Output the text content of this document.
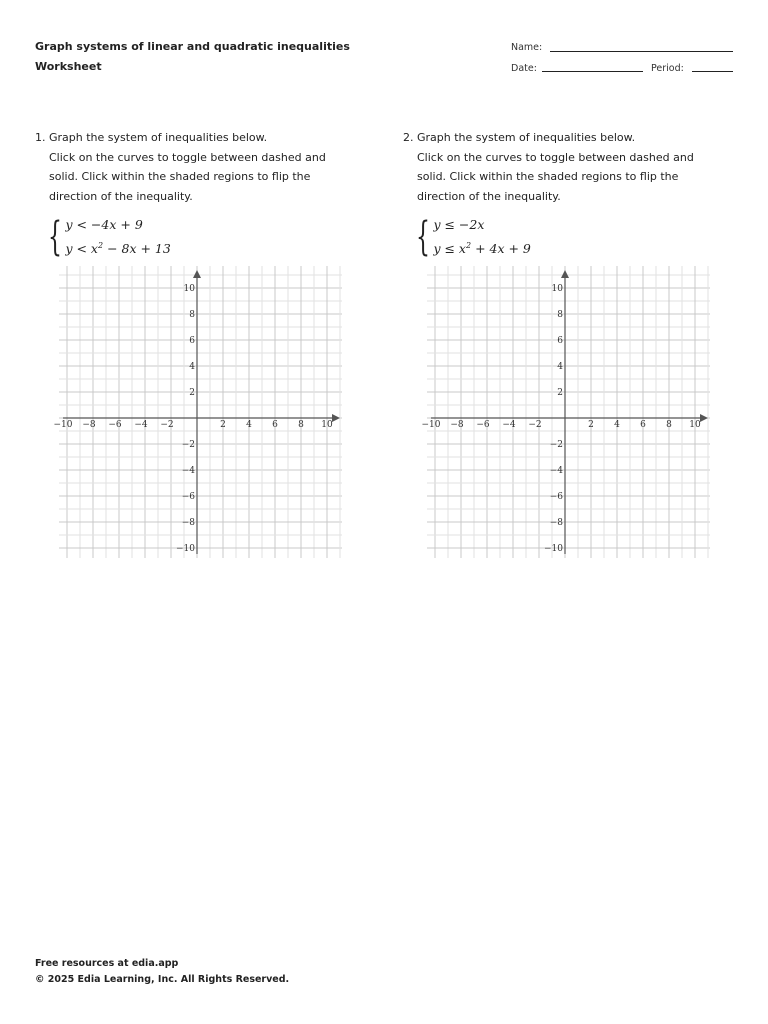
Graph systems of linear and quadratic inequalities
Worksheet
Name:
Date:	Period:
1. Graph the system of inequalities below.
Click on the curves to toggle between dashed and
solid. Click within the shaded regions to flip the
direction of the inequality.
{ y < −4x + 9
$y < x^2 - 8x + 13$
−10 −8 −6 −4 −2	2 4 6 8 10
10
8
6
4
2
−2
−4
−6
−8
−10
2. Graph the system of inequalities below.
Click on the curves to toggle between dashed and
solid. Click within the shaded regions to flip the
direction of the inequality.
{ y ≤ −2x
$y \le x^2 + 4x + 9$
−10 −8 −6 −4 −2	2 4 6 8 10
10
8
6
4
2
−2
−4
−6
−8
−10
Free resources at edia.app
© 2025 Edia Learning, Inc. All Rights Reserved.
